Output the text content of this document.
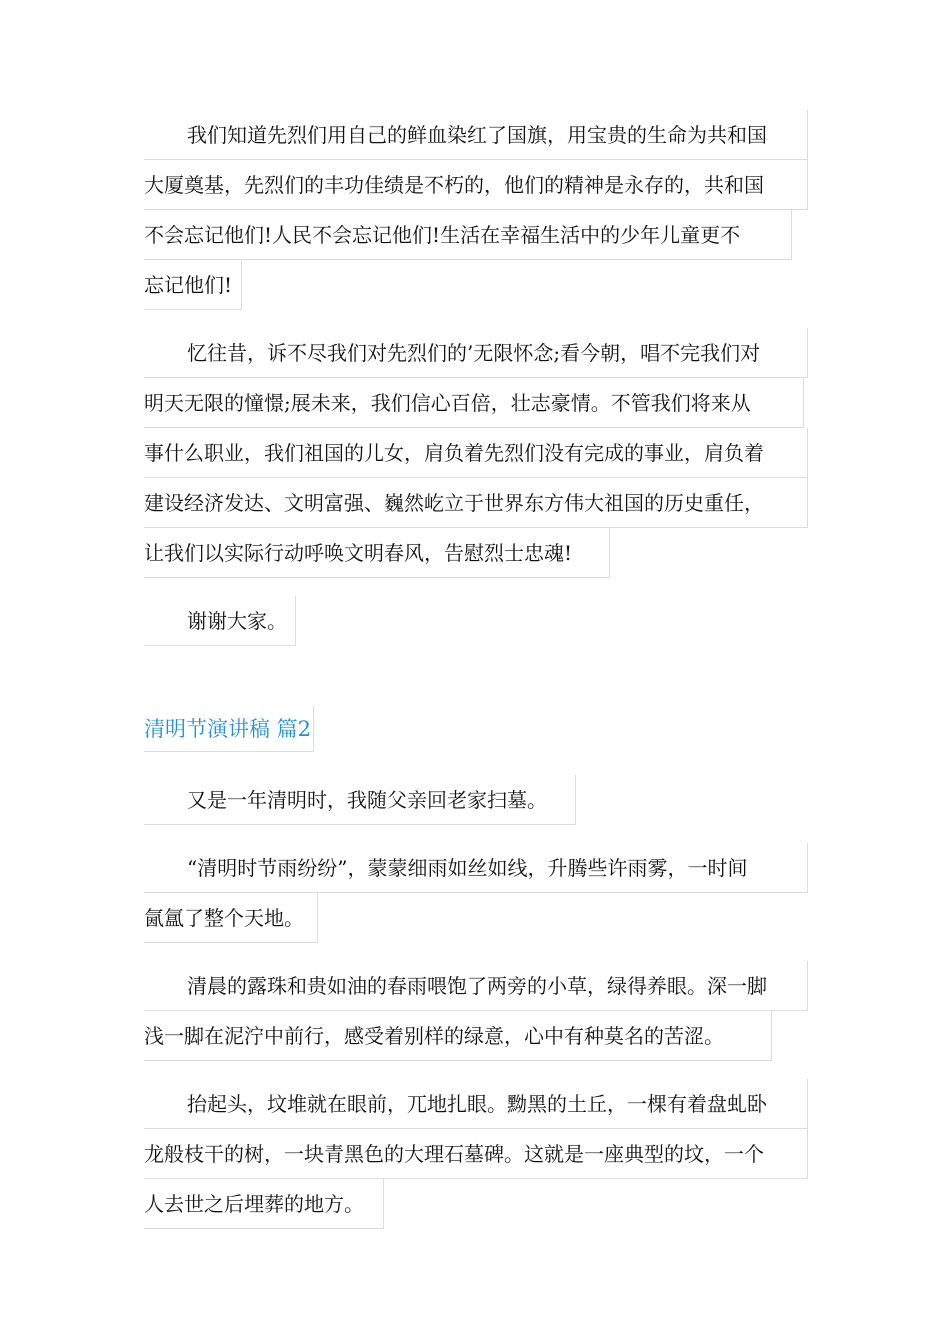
我们知道先烈们用自己的鲜血染红了国旗，用宝贵的生命为共和国
大厦奠基，先烈们的丰功佳绩是不朽的，他们的精神是永存的，共和国
不会忘记他们!人民不会忘记他们!生活在幸福生活中的少年儿童更不
忘记他们!
忆往昔，诉不尽我们对先烈们的’无限怀念;看今朝，唱不完我们对
明天无限的憧憬;展未来，我们信心百倍，壮志豪情。不管我们将来从
事什么职业，我们祖国的儿女，肩负着先烈们没有完成的事业，肩负着
建设经济发达、文明富强、巍然屹立于世界东方伟大祖国的历史重任，
让我们以实际行动呼唤文明春风，告慰烈士忠魂!
谢谢大家。
清明节演讲稿 篇2
又是一年清明时，我随父亲回老家扫墓。
“清明时节雨纷纷”，蒙蒙细雨如丝如线，升腾些许雨雾，一时间
氤氲了整个天地。
清晨的露珠和贵如油的春雨喂饱了两旁的小草，绿得养眼。深一脚
浅一脚在泥泞中前行，感受着别样的绿意，心中有种莫名的苦涩。
抬起头，坟堆就在眼前，兀地扎眼。黝黑的土丘，一棵有着盘虬卧
龙般枝干的树，一块青黑色的大理石墓碑。这就是一座典型的坟，一个
人去世之后埋葬的地方。
